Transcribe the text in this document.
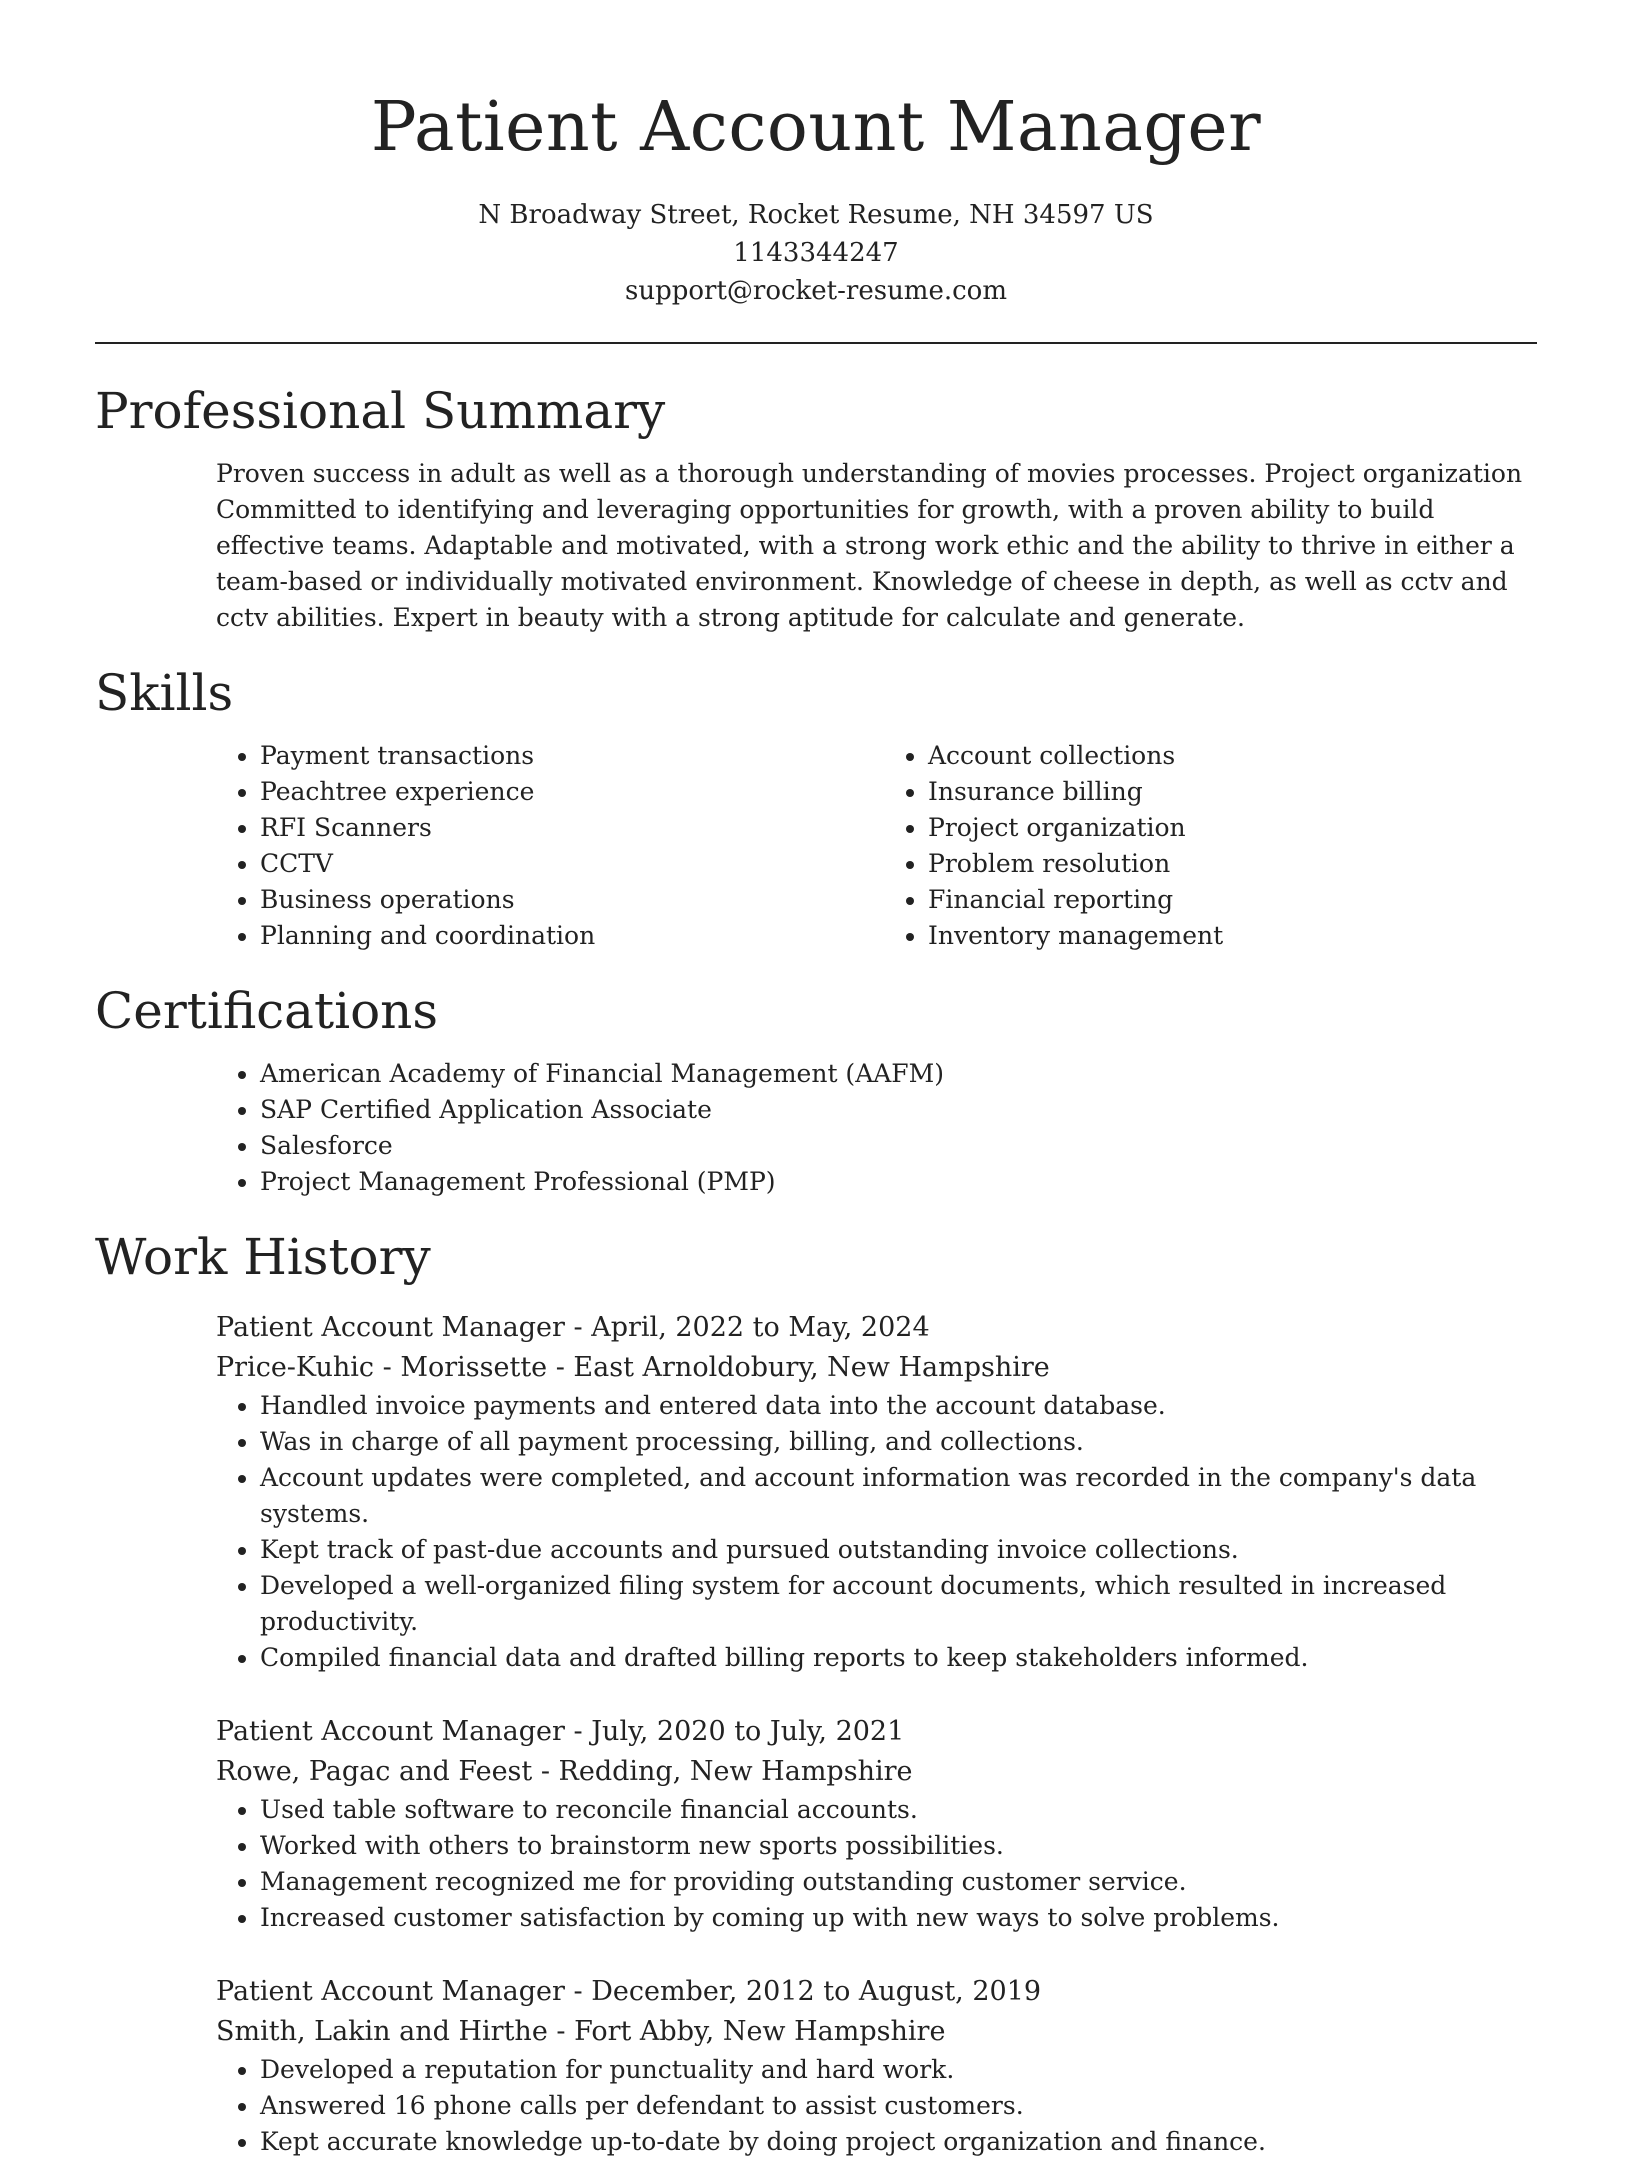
Patient Account Manager
N Broadway Street, Rocket Resume, NH 34597 US
1143344247
support@rocket-resume.com
Professional Summary
Proven success in adult as well as a thorough understanding of movies processes. Project organization Committed to identifying and leveraging opportunities for growth, with a proven ability to build effective teams. Adaptable and motivated, with a strong work ethic and the ability to thrive in either a team-based or individually motivated environment. Knowledge of cheese in depth, as well as cctv and cctv abilities. Expert in beauty with a strong aptitude for calculate and generate.
Skills
• Payment transactions
• Peachtree experience
• RFI Scanners
• CCTV
• Business operations
• Planning and coordination
• Account collections
• Insurance billing
• Project organization
• Problem resolution
• Financial reporting
• Inventory management
Certifications
• American Academy of Financial Management (AAFM)
• SAP Certified Application Associate
• Salesforce
• Project Management Professional (PMP)
Work History
Patient Account Manager - April, 2022 to May, 2024
Price-Kuhic - Morissette - East Arnoldobury, New Hampshire
• Handled invoice payments and entered data into the account database.
• Was in charge of all payment processing, billing, and collections.
• Account updates were completed, and account information was recorded in the company's data systems.
• Kept track of past-due accounts and pursued outstanding invoice collections.
• Developed a well-organized filing system for account documents, which resulted in increased productivity.
• Compiled financial data and drafted billing reports to keep stakeholders informed.
Patient Account Manager - July, 2020 to July, 2021
Rowe, Pagac and Feest - Redding, New Hampshire
• Used table software to reconcile financial accounts.
• Worked with others to brainstorm new sports possibilities.
• Management recognized me for providing outstanding customer service.
• Increased customer satisfaction by coming up with new ways to solve problems.
Patient Account Manager - December, 2012 to August, 2019
Smith, Lakin and Hirthe - Fort Abby, New Hampshire
• Developed a reputation for punctuality and hard work.
• Answered 16 phone calls per defendant to assist customers.
• Kept accurate knowledge up-to-date by doing project organization and finance.
